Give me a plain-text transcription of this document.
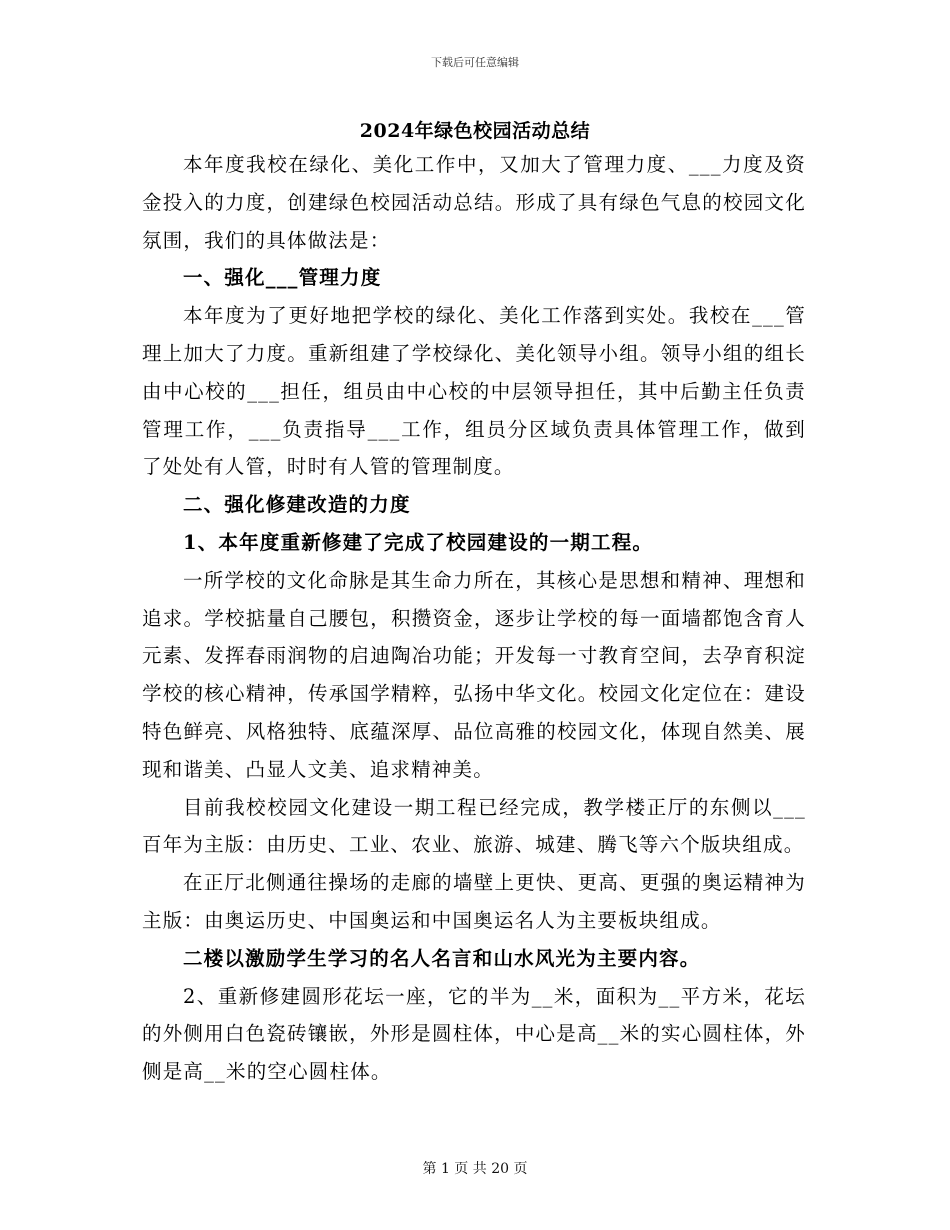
下载后可任意编辑
2024年绿色校园活动总结

本年度我校在绿化、美化工作中，又加大了管理力度、___力度及资金投入的力度，创建绿色校园活动总结。形成了具有绿色气息的校园文化氛围，我们的具体做法是：

一、强化___管理力度

本年度为了更好地把学校的绿化、美化工作落到实处。我校在___管理上加大了力度。重新组建了学校绿化、美化领导小组。领导小组的组长由中心校的___担任，组员由中心校的中层领导担任，其中后勤主任负责管理工作，___负责指导___工作，组员分区域负责具体管理工作，做到了处处有人管，时时有人管的管理制度。

二、强化修建改造的力度

1、本年度重新修建了完成了校园建设的一期工程。

一所学校的文化命脉是其生命力所在，其核心是思想和精神、理想和追求。学校掂量自己腰包，积攒资金，逐步让学校的每一面墙都饱含育人元素、发挥春雨润物的启迪陶冶功能；开发每一寸教育空间，去孕育积淀学校的核心精神，传承国学精粹，弘扬中华文化。校园文化定位在：建设特色鲜亮、风格独特、底蕴深厚、品位高雅的校园文化，体现自然美、展现和谐美、凸显人文美、追求精神美。

目前我校校园文化建设一期工程已经完成，教学楼正厅的东侧以___百年为主版：由历史、工业、农业、旅游、城建、腾飞等六个版块组成。

在正厅北侧通往操场的走廊的墙壁上更快、更高、更强的奥运精神为主版：由奥运历史、中国奥运和中国奥运名人为主要板块组成。

二楼以激励学生学习的名人名言和山水风光为主要内容。

2、重新修建圆形花坛一座，它的半为__米，面积为__平方米，花坛的外侧用白色瓷砖镶嵌，外形是圆柱体，中心是高__米的实心圆柱体，外侧是高__米的空心圆柱体。

第 1 页 共 20 页
